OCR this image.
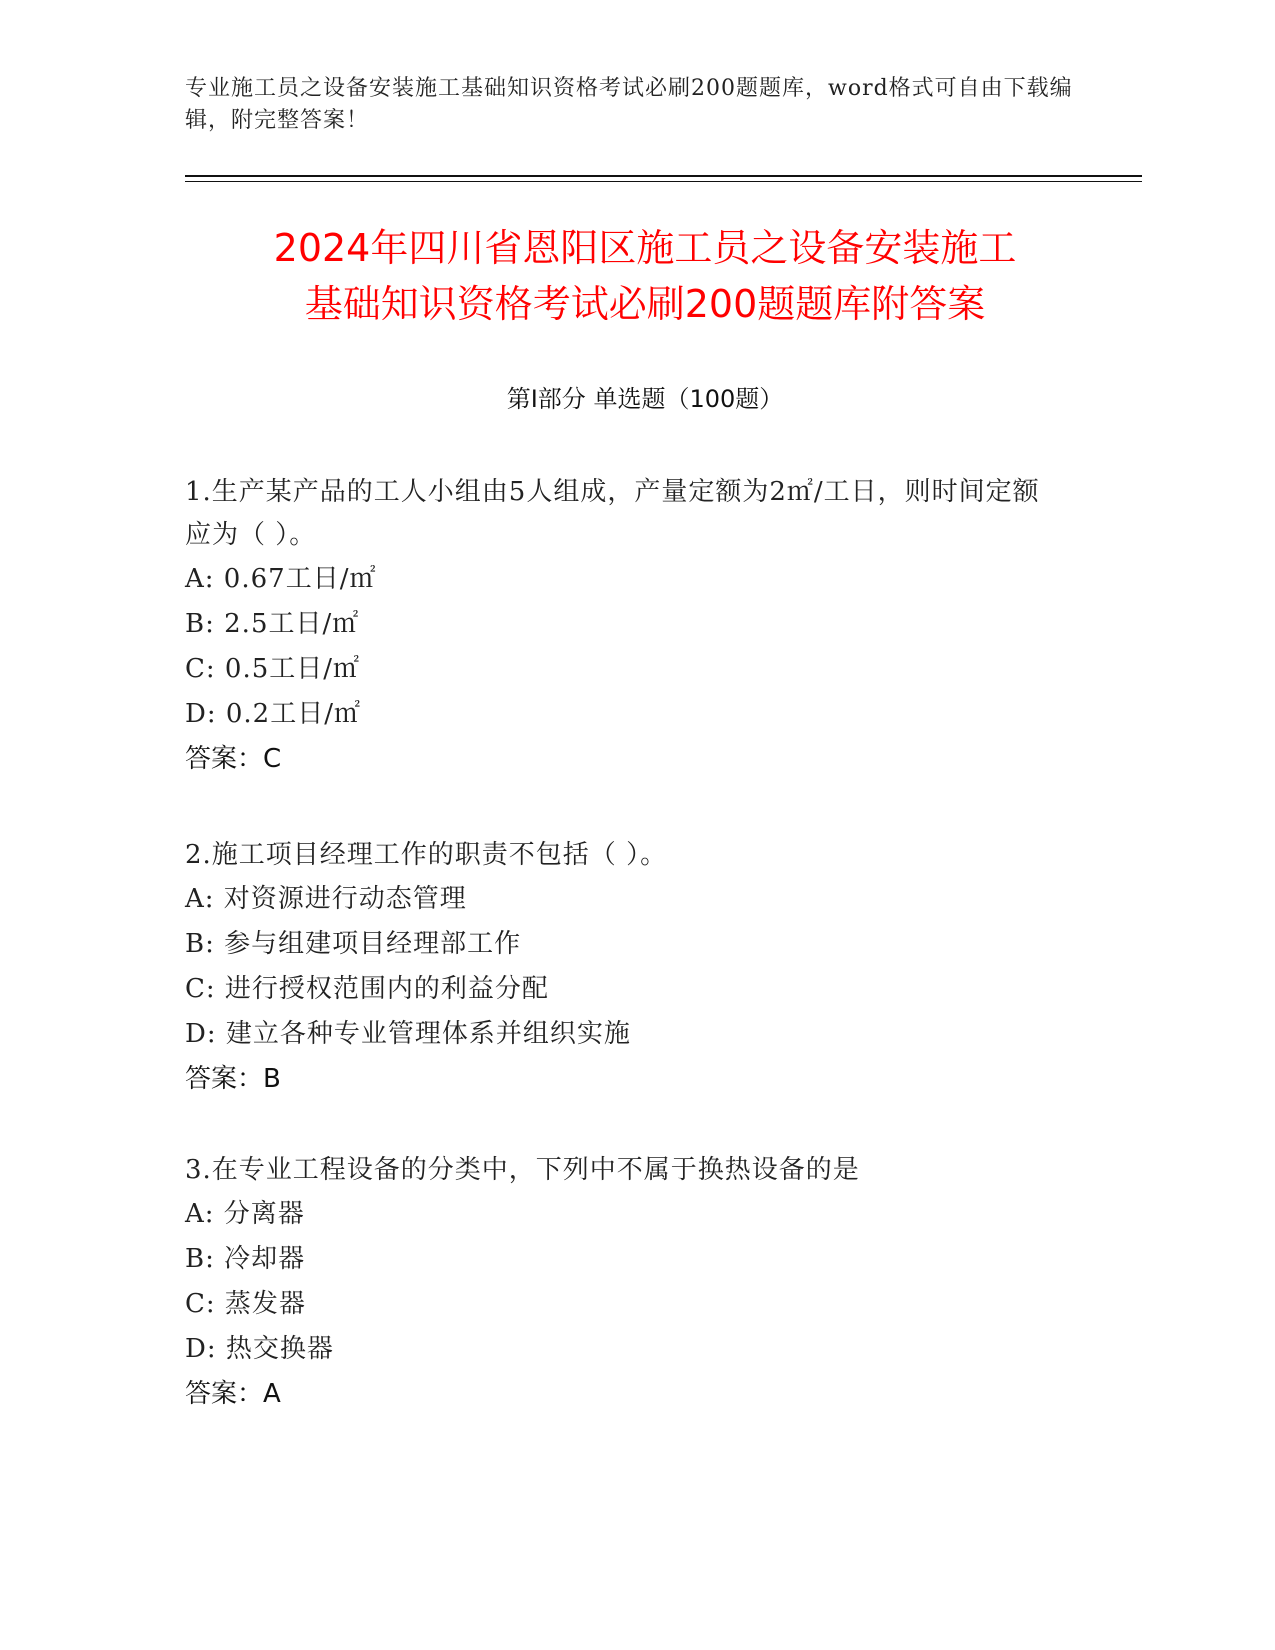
专业施工员之设备安装施工基础知识资格考试必刷200题题库，word格式可自由下载编辑，附完整答案！
2024年四川省恩阳区施工员之设备安装施工
基础知识资格考试必刷200题题库附答案
第Ⅰ部分 单选题（100题）
1.生产某产品的工人小组由5人组成，产量定额为2㎡/工日，则时间定额应为（ ）。
A: 0.67工日/㎡
B: 2.5工日/㎡
C: 0.5工日/㎡
D: 0.2工日/㎡
答案：C
2.施工项目经理工作的职责不包括（ ）。
A: 对资源进行动态管理
B: 参与组建项目经理部工作
C: 进行授权范围内的利益分配
D: 建立各种专业管理体系并组织实施
答案：B
3.在专业工程设备的分类中，下列中不属于换热设备的是
A: 分离器
B: 冷却器
C: 蒸发器
D: 热交换器
答案：A
